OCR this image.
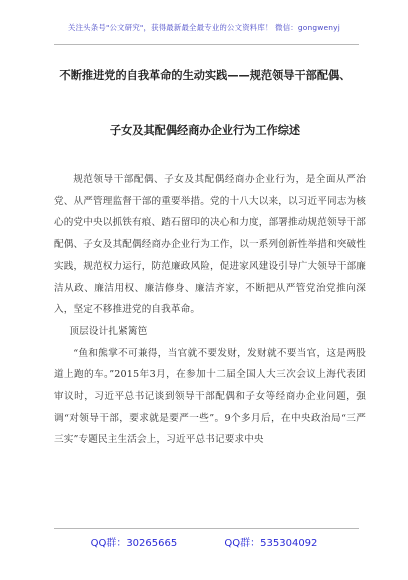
关注头条号"公文研究"，获得最新最全最专业的公文资料库！ 微信：gongwenyj
不断推进党的自我革命的生动实践——规范领导干部配偶、
子女及其配偶经商办企业行为工作综述

规范领导干部配偶、子女及其配偶经商办企业行为，是全面从严治党、从严管理监督干部的重要举措。党的十八大以来，以习近平同志为核心的党中央以抓铁有痕、踏石留印的决心和力度，部署推动规范领导干部配偶、子女及其配偶经商办企业行为工作，以一系列创新性举措和突破性实践，规范权力运行，防范廉政风险，促进家风建设引导广大领导干部廉洁从政、廉洁用权、廉洁修身、廉洁齐家，不断把从严管党治党推向深入，坚定不移推进党的自我革命。

顶层设计扎紧篱笆

“鱼和熊掌不可兼得，当官就不要发财，发财就不要当官，这是两股道上跑的车。”2015年3月，在参加十二届全国人大三次会议上海代表团审议时，习近平总书记谈到领导干部配偶和子女等经商办企业问题，强调“对领导干部，要求就是要严一些”。9个多月后，在中央政治局“三严三实”专题民主生活会上，习近平总书记要求中央

QQ群：30265665	QQ群：535304092
